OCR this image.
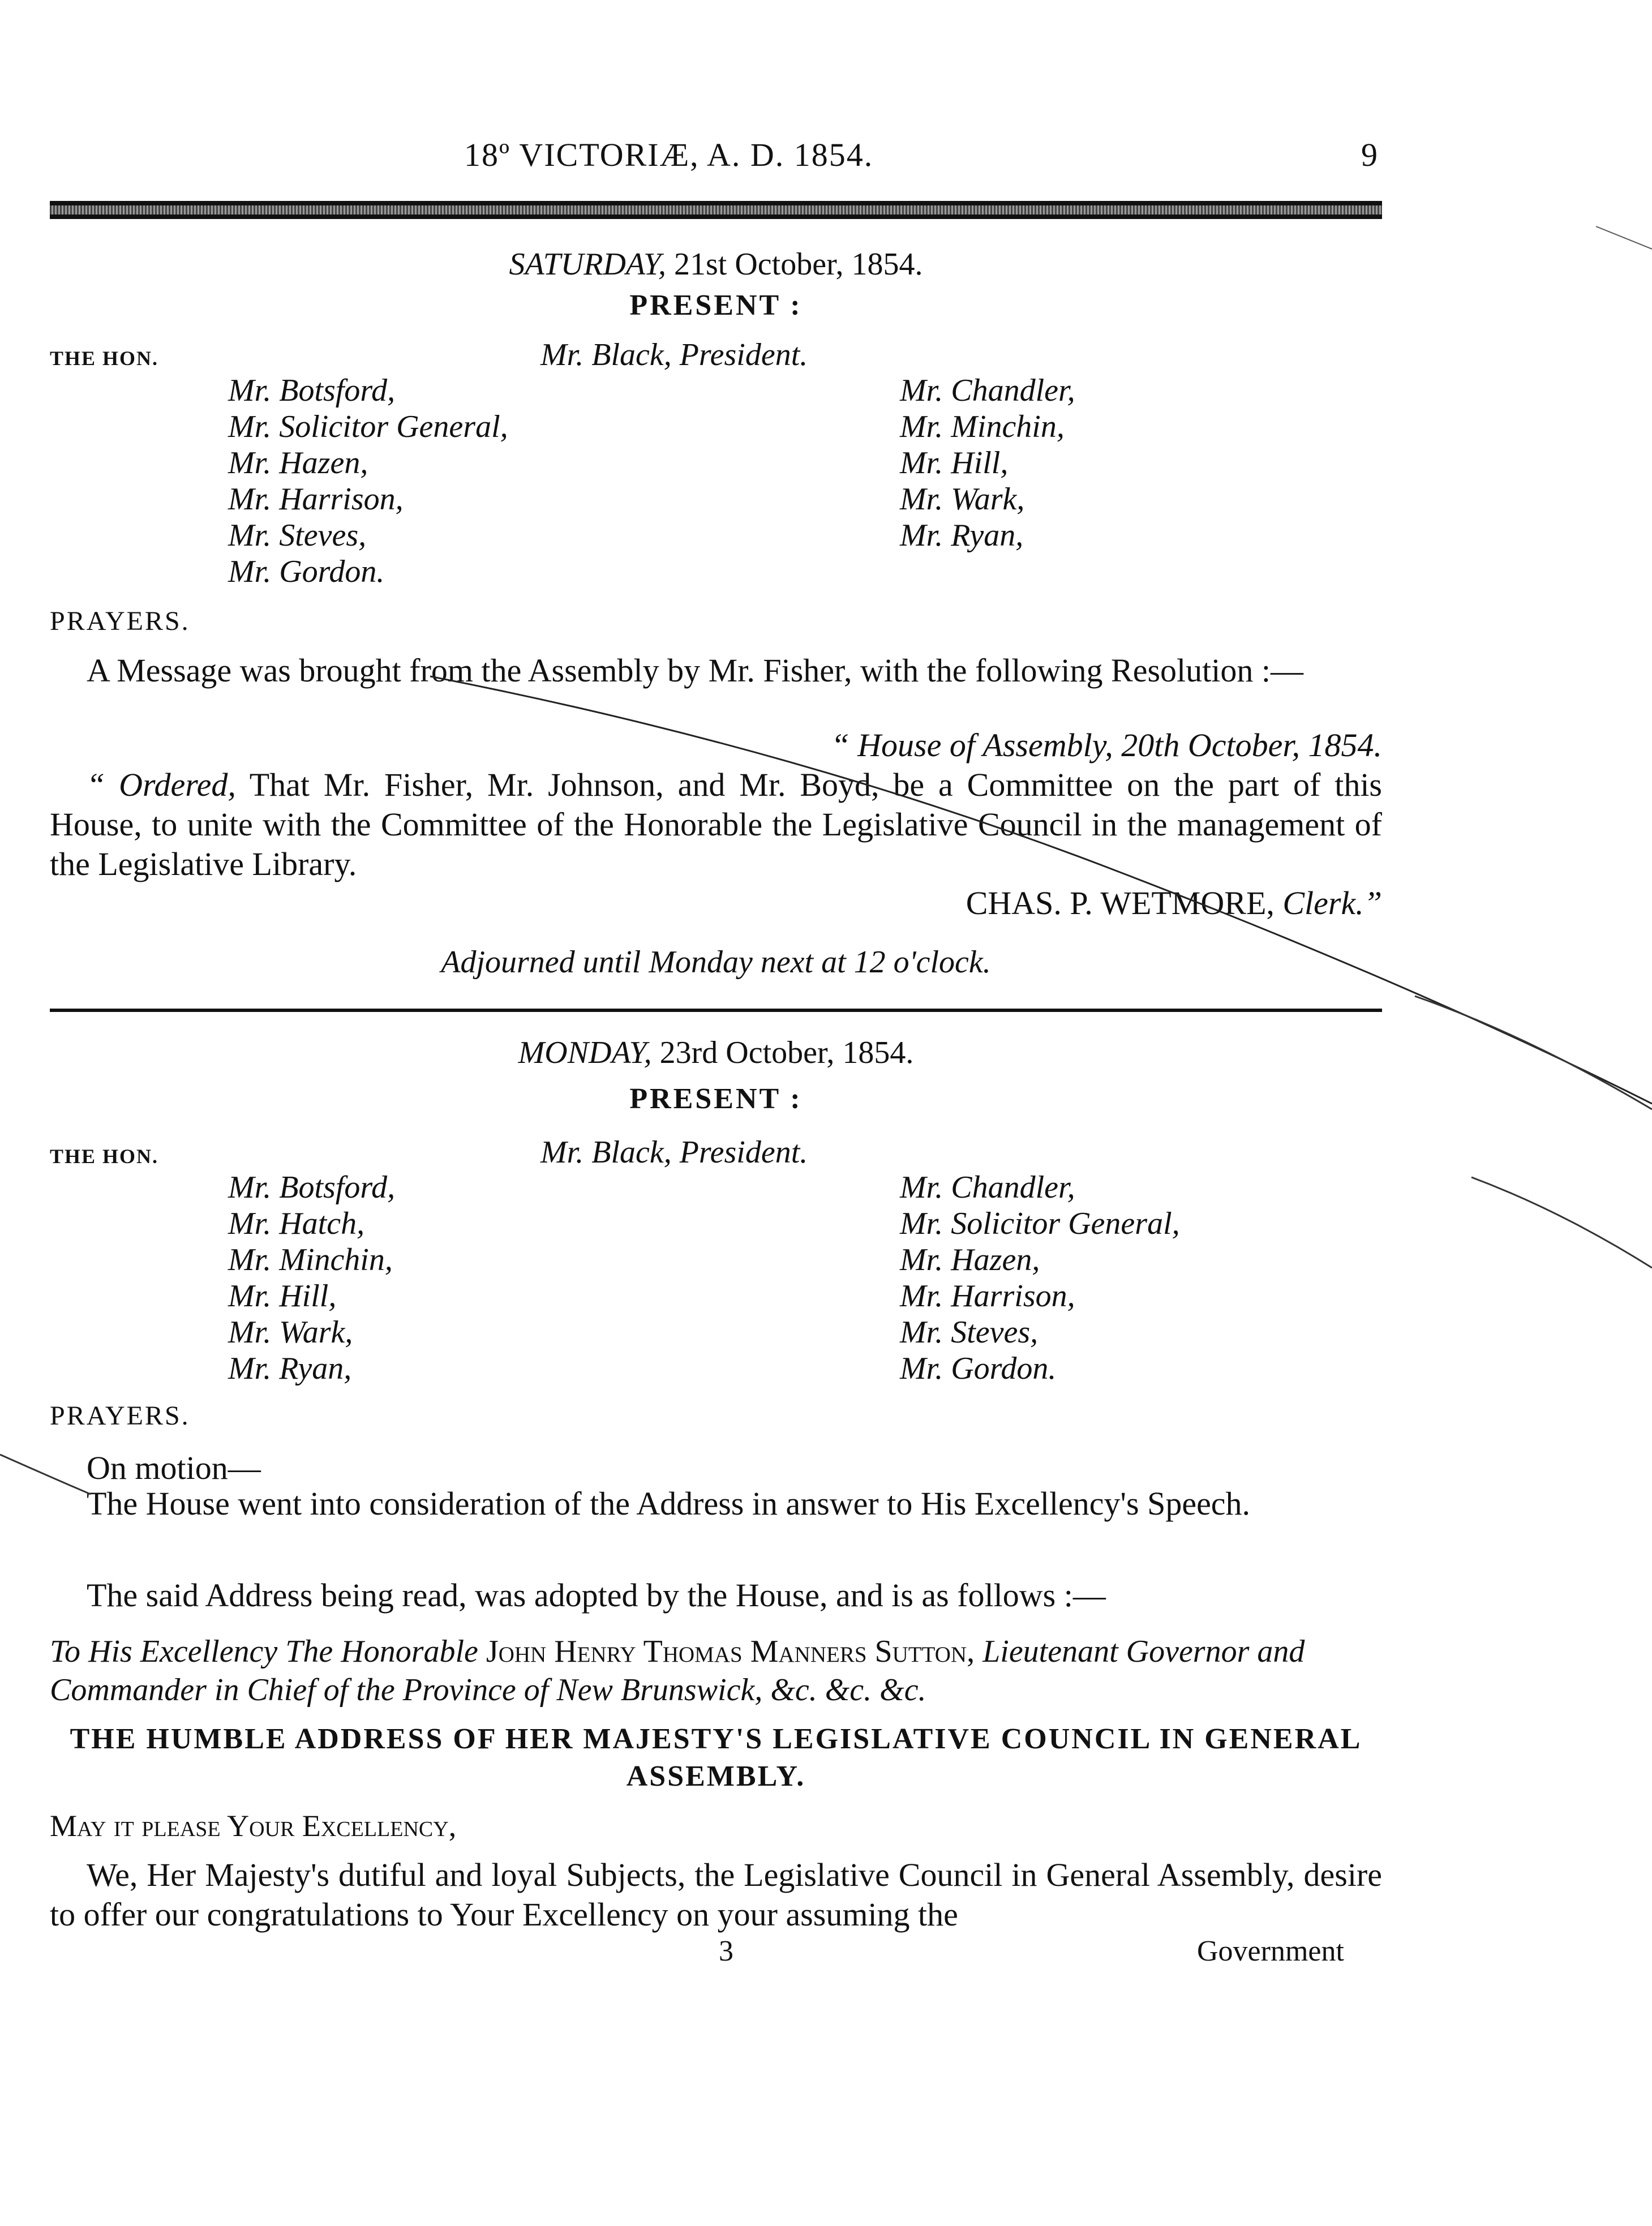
18º VICTORIÆ, A. D. 1854.	9
SATURDAY, 21st October, 1854.
PRESENT :
THE HON.	Mr. Black, President.
Mr. Botsford,
Mr. Solicitor General,
Mr. Hazen,
Mr. Harrison,
Mr. Steves,
Mr. Gordon.
Mr. Chandler,
Mr. Minchin,
Mr. Hill,
Mr. Wark,
Mr. Ryan,
PRAYERS.
A Message was brought from the Assembly by Mr. Fisher, with the following Resolution :—
“ House of Assembly, 20th October, 1854.
“ Ordered, That Mr. Fisher, Mr. Johnson, and Mr. Boyd, be a Committee on the part of this House, to unite with the Committee of the Honorable the Legislative Council in the management of the Legislative Library.
CHAS. P. WETMORE, Clerk.”
Adjourned until Monday next at 12 o'clock.
MONDAY, 23rd October, 1854.
PRESENT :
THE HON.	Mr. Black, President.
Mr. Botsford,
Mr. Hatch,
Mr. Minchin,
Mr. Hill,
Mr. Wark,
Mr. Ryan,
Mr. Chandler,
Mr. Solicitor General,
Mr. Hazen,
Mr. Harrison,
Mr. Steves,
Mr. Gordon.
PRAYERS.
On motion—
The House went into consideration of the Address in answer to His Excellency's Speech.
The said Address being read, was adopted by the House, and is as follows :—
To His Excellency The Honorable John Henry Thomas Manners Sutton, Lieutenant Governor and Commander in Chief of the Province of New Brunswick, &c. &c. &c.
THE HUMBLE ADDRESS OF HER MAJESTY'S LEGISLATIVE COUNCIL IN GENERAL ASSEMBLY.
May it please Your Excellency,
We, Her Majesty's dutiful and loyal Subjects, the Legislative Council in General Assembly, desire to offer our congratulations to Your Excellency on your assuming the
3	Government
